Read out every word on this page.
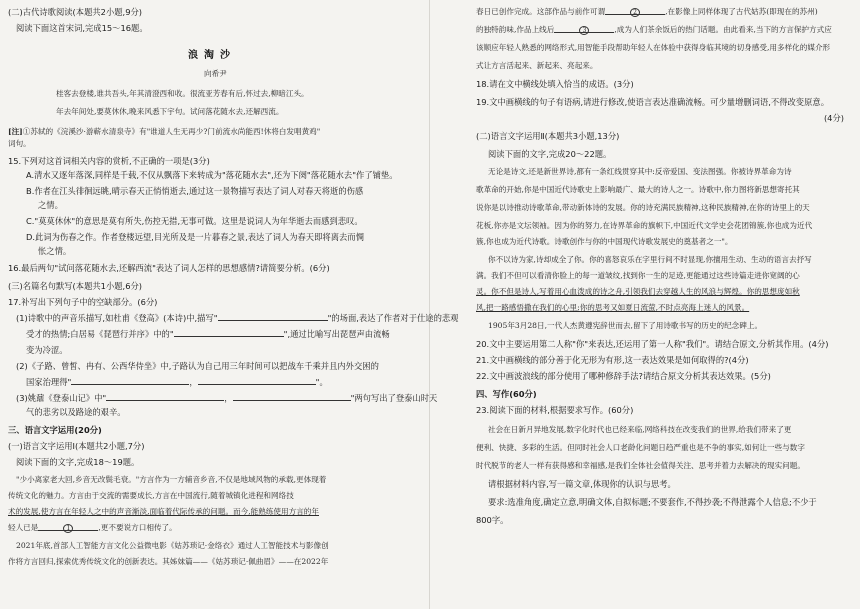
(二)古代诗歌阅读(本题共2小题,9分)
阅读下面这首宋词,完成15～16题。
浪淘沙
向希尹
桂客去登楼,谁共吾头,年其清澄西和收。很流亚芳春有后,怀过去,柳暗江头。
年去年间处,要莫休休,晚来风悉下宇句。试问落花随水去,还解西流。
[注]①苏轼的《浣溪沙·游蕲水清泉寺》有"谁道人生无再少?门前流水尚能西!休将白发唱黄鸡"
词句。
15.下列对这首词相关内容的赏析,不正确的一项是(3分)
A.清水又逐年落深,同样是千载,不仅从飘落下来转成为"落花随水去",还为下阕"落花随水去"作了铺垫。
B.作者在江头徘徊远眺,晴示春天正悄悄逝去,通过这一景物描写表达了词人对春天将逝的伤感
之情。
C."莫莫休休"的意思是莫有所失,伤控无措,无事可做。这里是说词人为年华逝去而感到悲叹。
D.此词为伤春之作。作者登楼远望,目光所及是一片暮春之景,表达了词人为春天即将离去而惆
怅之情。
16.最后两句"试问落花随水去,还解西流"表达了词人怎样的思想感情?请简要分析。(6分)
(三)名篇名句默写(本题共1小题,6分)
17.补写出下列句子中的空缺部分。(6分)
(1)诗歌中的声音乐描写,如杜甫《登高》(本诗)中,描写"	"的场面,表达了作者对于仕途的悲观
受才的热情;白居易《琵琶行并序》中的"	",通过比喻写出琵琶声由流畅
变为冷涩。
(2)《子路、曾皙、冉有、公西华侍坐》中,子路认为自己用三年时间可以把战车千乘并且内外交困的
国家治理得"	，	"。
(3)姚鼐《登泰山记》中"	，	"两句写出了登泰山时天
气的悲劣以及路途的艰辛。
三、语言文字运用(20分)
(一)语言文字运用Ⅰ(本题共2小题,7分)
阅读下面的文字,完成18～19题。
"少小离家老大回,乡音无改鬓毛衰。"方言作为一方辅音乡音,不仅是地域风物的承载,更体现着
传统文化的魅力。方言由于交流的需要成长,方言在中国流行,随着城镇化进程和网络技
术的发展,使方言在年轻人之中的声音渐淡,面临着代际传承的问题。而今,能熟练使用方言的年
轻人已是	1	,更不要说方口相传了。
2021年底,首部人工智能方言文化公益微电影《姑苏琐记·金络衣》通过人工智能技术与影像创
作将方言回归,探索优秀传统文化的创新表达。其姊妹篇——《姑苏琐记·佩曲眉》——在2022年
春日已创作完成。这部作品与前作可谓	2	,在影像上同样体现了古代姑苏(即现在的苏州)
的独特韵味,作品上线后	3	,成为人们茶余饭后的热门话题。由此看来,当下的方言保护方式应
该顺应年轻人熟悉的网络形式,用智能手段帮助年轻人在体验中获得身临其境的切身感受,用多样化的媒介形
式让方言活起来、新起来、亮起来。
18.请在文中横线处填入恰当的成语。(3分)
19.文中画横线的句子有语病,请进行修改,使语言表达准确流畅。可少量增删词语,不得改变原意。
(4分)
(二)语言文字运用Ⅱ(本题共3小题,13分)
阅读下面的文字,完成20～22题。
无论是诗文,还是新世界诗,都有一条红线贯穿其中:反帝爱国、变法图强。你被诗界革命为诗
歌革命的开始,你是中国近代诗歌史上影响最广、最大的诗人之一。诗歌中,你力图将新思想寄托其
说你是以诗推动诗歌革命,带动新体诗的发展。你的诗充满民族精神,这种民族精神,在你的诗里上的天
花板,你亦是文坛领袖。因为你的努力,在诗界革命的旗帜下,中国近代文学史会花团锦簇,你也成为近代
簇,你也成为近代诗歌。诗歌创作与你的中国现代诗歌发展史的奠基者之一"。
你不以诗为家,诗却成全了你。你的喜怒哀乐在字里行间不时显现,你擅用生动、生动的语言去抒写
满。我们不但可以看清你脸上的每一道皱纹,找到你一生的足迹,更能通过这些诗篇走进你宽阔的心
灵。你不但是诗人,写着用心血泼成的诗之舟,引领我们去穿越人生的风浪与辉煌。你的思想庞如秋
风,把一路感悟撒在我们的心里;你的思考又如夏日流萤,不时点亮海上迷人的风景。
1905年3月28日,一代人杰黄遵宪辞世而去,留下了用诗歌书写的历史的纪念碑上。
20.文中主要运用第二人称"你"来表达,还运用了第一人称"我们"。请结合原文,分析其作用。(4分)
21.文中画横线的部分善于化无形为有形,这一表达效果是如何取得的?(4分)
22.文中画波浪线的部分使用了哪种修辞手法?请结合原文分析其表达效果。(5分)
四、写作(60分)
23.阅读下面的材料,根据要求写作。(60分)
社会在日新月异地发展,数字化时代也已经来临,网络科技在改变我们的世界,给我们带来了更
便利、快捷、多彩的生活。但同时社会人口老龄化问题日趋严重也是不争的事实,如何让一些与数字
时代脱节的老人一样有获得感和幸福感,是我们全体社会值得关注、思考并着力去解决的现实问题。
请根据材料内容,写一篇文章,体现你的认识与思考。
要求:选准角度,确定立意,明确文体,自拟标题;不要套作,不得抄袭;不得泄露个人信息;不少于
800字。
